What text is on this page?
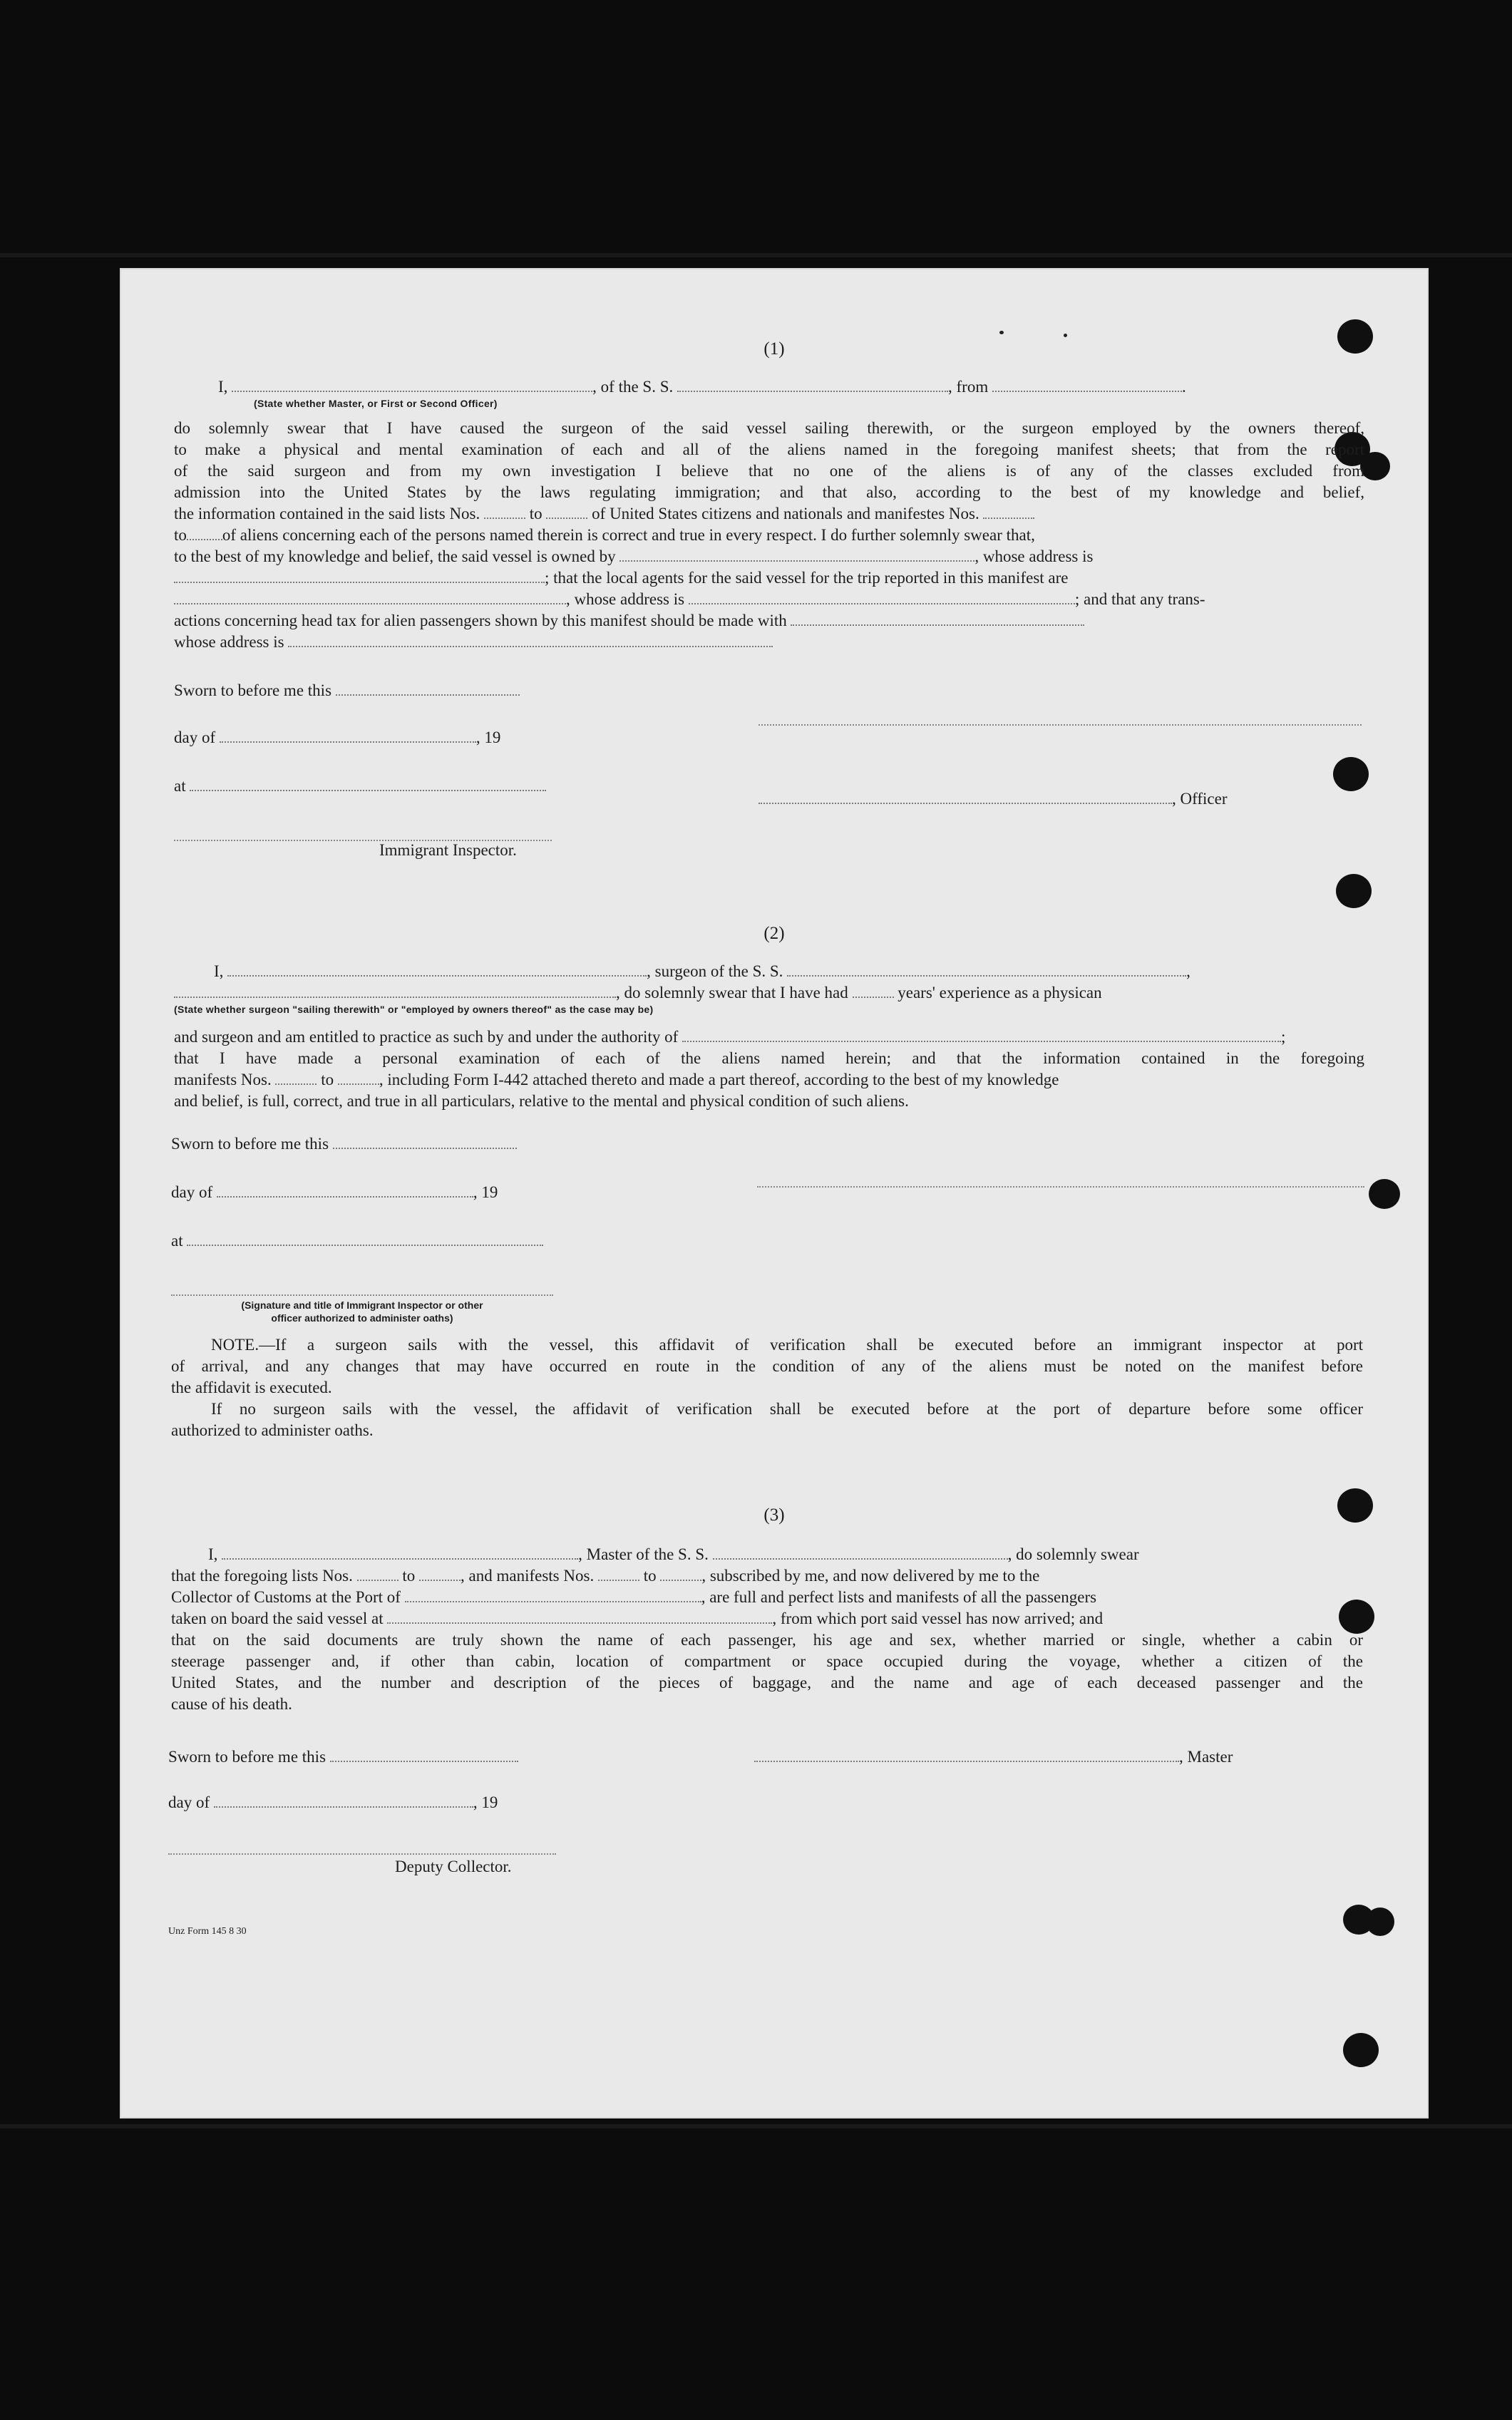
(1)
I,	, of the S. S.	, from	.
(State whether Master, or First or Second Officer)
do solemnly swear that I have caused the surgeon of the said vessel sailing therewith, or the surgeon employed by the owners thereof,
to make a physical and mental examination of each and all of the aliens named in the foregoing manifest sheets; that from the report
of the said surgeon and from my own investigation I believe that no one of the aliens is of any of the classes excluded from
admission into the United States by the laws regulating immigration; and that also, according to the best of my knowledge and belief,
the information contained in the said lists Nos.	to	of United States citizens and nationals and manifestes Nos.
to of aliens concerning each of the persons named therein is correct and true in every respect. I do further solemnly swear that,
to the best of my knowledge and belief, the said vessel is owned by	, whose address is
; that the local agents for the said vessel for the trip reported in this manifest are
, whose address is	; and that any trans-
actions concerning head tax for alien passengers shown by this manifest should be made with
whose address is
Sworn to before me this
day of	, 19
at
, Officer
Immigrant Inspector.
(2)
I,	, surgeon of the S. S.	,
, do solemnly swear that I have had	years' experience as a physican
(State whether surgeon "sailing therewith" or "employed by owners thereof" as the case may be)
and surgeon and am entitled to practice as such by and under the authority of	;
that I have made a personal examination of each of the aliens named herein; and that the information contained in the foregoing
manifests Nos.	to	, including Form I-442 attached thereto and made a part thereof, according to the best of my knowledge
and belief, is full, correct, and true in all particulars, relative to the mental and physical condition of such aliens.
Sworn to before me this
day of	, 19
at
(Signature and title of Immigrant Inspector or other
officer authorized to administer oaths)
NOTE.—If a surgeon sails with the vessel, this affidavit of verification shall be executed before an immigrant inspector at port
of arrival, and any changes that may have occurred en route in the condition of any of the aliens must be noted on the manifest before
the affidavit is executed.
If no surgeon sails with the vessel, the affidavit of verification shall be executed before at the port of departure before some officer
authorized to administer oaths.
(3)
I,	, Master of the S. S.	, do solemnly swear
that the foregoing lists Nos.	to	, and manifests Nos.	to	, subscribed by me, and now delivered by me to the
Collector of Customs at the Port of	, are full and perfect lists and manifests of all the passengers
taken on board the said vessel at	, from which port said vessel has now arrived; and
that on the said documents are truly shown the name of each passenger, his age and sex, whether married or single, whether a cabin or
steerage passenger and, if other than cabin, location of compartment or space occupied during the voyage, whether a citizen of the
United States, and the number and description of the pieces of baggage, and the name and age of each deceased passenger and the
cause of his death.
Sworn to before me this	, Master
day of	, 19
Deputy Collector.
Unz Form 145 8 30
